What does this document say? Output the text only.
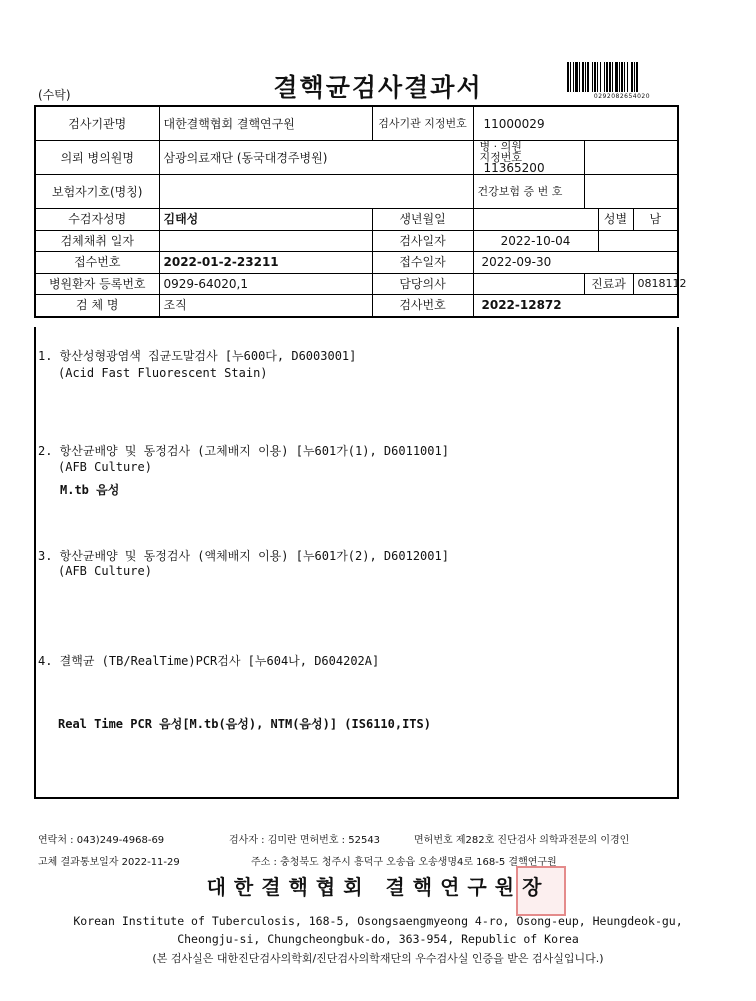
(수탁)	결핵균검사결과서	0292082654020
검사기관명	대한결핵협회 결핵연구원	검사기관 지정번호	11000029			
의뢰 병의원명	삼광의료재단 (동국대경주병원)		병 · 의원 지정번호 11365200			
보험자기호(명칭)			건강보험 증 번 호			
수검자성명	김태성	생년월일			성별	남
검체채취 일자		검사일자	2022-10-04			
접수번호	2022-01-2-23211	접수일자	2022-09-30			
병원환자 등록번호	0929-64020,1	담당의사		진료과		0818112
검 체 명	조직	검사번호	2022-12872			
1. 항산성형광염색 집균도말검사 [누600다, D6003001]
(Acid Fast Fluorescent Stain)
2. 항산균배양 및 동정검사 (고체배지 이용) [누601가(1), D6011001]
(AFB Culture)
M.tb 음성
3. 항산균배양 및 동정검사 (액체배지 이용) [누601가(2), D6012001]
(AFB Culture)
4. 결핵균 (TB/RealTime)PCR검사 [누604나, D604202A]
Real Time PCR 음성[M.tb(음성), NTM(음성)] (IS6110,ITS)
연락처 : 043)249-4968-69	검사자 : 김미란 면허번호 : 52543	면허번호 제282호 진단검사 의학과전문의 이경인
고체 결과통보일자 2022-11-29	주소 : 충청북도 청주시 흥덕구 오송읍 오송생명4로 168-5 결핵연구원
대한결핵협회 결핵연구원장
Korean Institute of Tuberculosis, 168-5, Osongsaengmyeong 4-ro, Osong-eup, Heungdeok-gu,
Cheongju-si, Chungcheongbuk-do, 363-954, Republic of Korea
(본 검사실은 대한진단검사의학회/진단검사의학재단의 우수검사실 인증을 받은 검사실입니다.)
